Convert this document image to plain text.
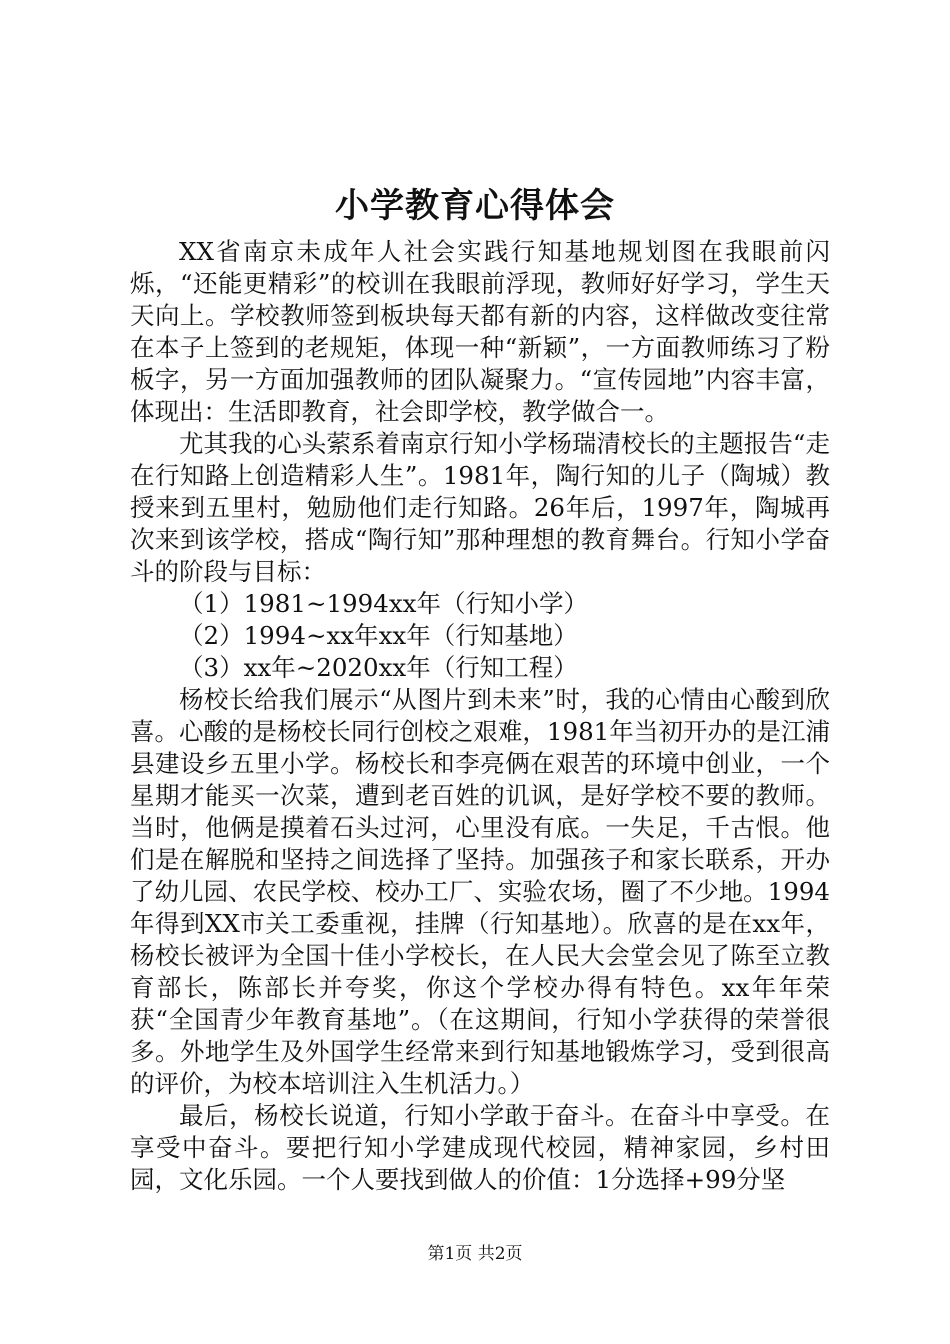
小学教育心得体会

XX省南京未成年人社会实践行知基地规划图在我眼前闪烁，“还能更精彩”的校训在我眼前浮现，教师好好学习，学生天天向上。学校教师签到板块每天都有新的内容，这样做改变往常在本子上签到的老规矩，体现一种“新颖”，一方面教师练习了粉板字，另一方面加强教师的团队凝聚力。“宣传园地”内容丰富，体现出：生活即教育，社会即学校，教学做合一。

尤其我的心头萦系着南京行知小学杨瑞清校长的主题报告“走在行知路上创造精彩人生”。1981年，陶行知的儿子（陶城）教授来到五里村，勉励他们走行知路。26年后，1997年，陶城再次来到该学校，搭成“陶行知”那种理想的教育舞台。行知小学奋斗的阶段与目标：

（1）1981~1994xx年（行知小学）

（2）1994~xx年xx年（行知基地）

（3）xx年~2020xx年（行知工程）

杨校长给我们展示“从图片到未来”时，我的心情由心酸到欣喜。心酸的是杨校长同行创校之艰难，1981年当初开办的是江浦县建设乡五里小学。杨校长和李亮俩在艰苦的环境中创业，一个星期才能买一次菜，遭到老百姓的讥讽，是好学校不要的教师。当时，他俩是摸着石头过河，心里没有底。一失足，千古恨。他们是在解脱和坚持之间选择了坚持。加强孩子和家长联系，开办了幼儿园、农民学校、校办工厂、实验农场，圈了不少地。1994年得到XX市关工委重视，挂牌（行知基地）。欣喜的是在xx年，杨校长被评为全国十佳小学校长，在人民大会堂会见了陈至立教育部长，陈部长并夸奖，你这个学校办得有特色。xx年年荣获“全国青少年教育基地”。（在这期间，行知小学获得的荣誉很多。外地学生及外国学生经常来到行知基地锻炼学习，受到很高的评价，为校本培训注入生机活力。）

最后，杨校长说道，行知小学敢于奋斗。在奋斗中享受。在享受中奋斗。要把行知小学建成现代校园，精神家园，乡村田园，文化乐园。一个人要找到做人的价值：1分选择+99分坚

第1页 共2页
